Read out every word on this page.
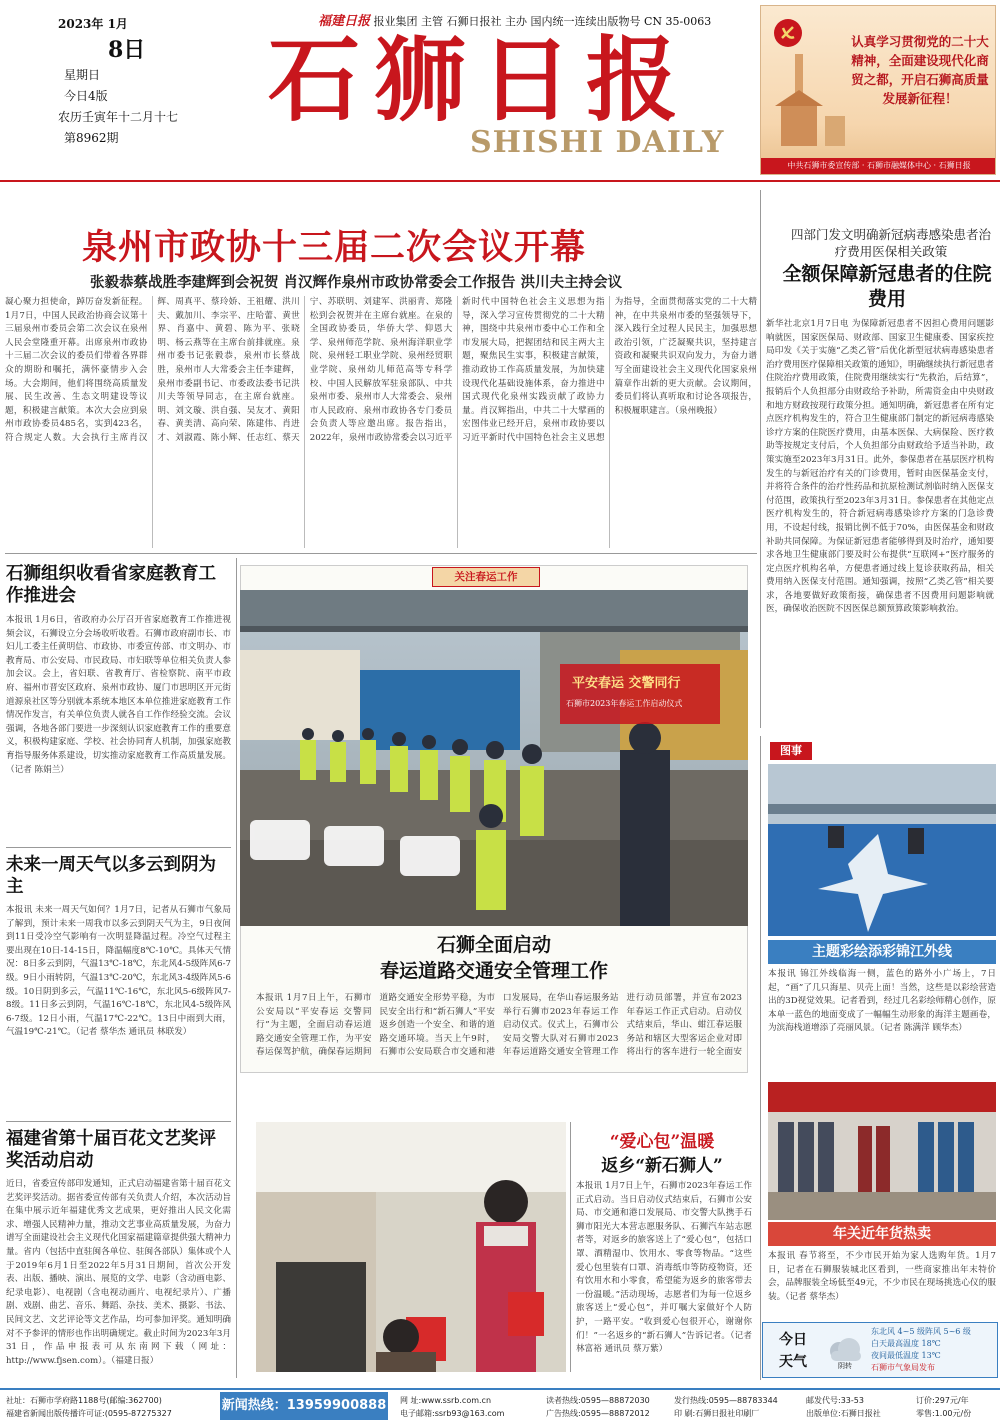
2023年 1月
8日
星期日
今日4版
农历壬寅年十二月十七
第8962期
福建日报 报业集团 主管 石狮日报社 主办 国内统一连续出版物号 CN 35-0063
石狮日报
SHISHI DAILY
认真学习贯彻党的二十大精神，全面建设现代化商贸之都，开启石狮高质量发展新征程！
中共石狮市委宣传部 · 石狮市融媒体中心 · 石狮日报
泉州市政协十三届二次会议开幕
张毅恭蔡战胜李建辉到会祝贺 肖汉辉作泉州市政协常委会工作报告 洪川夫主持会议
凝心聚力担使命，踔厉奋发新征程。1月7日，中国人民政治协商会议第十三届泉州市委员会第二次会议在泉州人民会堂隆重开幕。出席泉州市政协十三届二次会议的委员们带着各界群众的期盼和嘱托，满怀豪情步入会场。大会期间，他们将围绕高质量发展、民生改善、生态文明建设等议题，积极建言献策。本次大会应到泉州市政协委员485名，实到423名，符合规定人数。大会执行主席肖汉辉、周真平、蔡玲娇、王祖耀、洪川夫、戴加川、李宗平、庄哈蕾、黄世界、肖嘉中、黄碧、陈为平、张晓明、杨云燕等在主席台前排就座。泉州市委书记张毅恭，泉州市长蔡战胜，泉州市人大常委会主任李建辉，泉州市委副书记、市委政法委书记洪川夫等领导同志，在主席台就座。明、刘文璇、洪自强、吴友才、黄阳春、黄美清、高向荣、陈建伟、肖进才、刘淑霞、陈小辉、任志红、蔡天宁、苏联明、刘建军、洪丽青、郑隆松到会祝贺并在主席台就座。在泉的全国政协委员，华侨大学、仰恩大学、泉州师范学院、泉州海洋职业学院、泉州轻工职业学院、泉州经贸职业学院、泉州幼儿师范高等专科学校、中国人民解放军驻泉部队、中共泉州市委、泉州市人大常委会、泉州市人民政府、泉州市政协各专门委员会负责人等应邀出席。报告指出，2022年，泉州市政协常委会以习近平新时代中国特色社会主义思想为指导，深入学习宣传贯彻党的二十大精神，围绕中共泉州市委中心工作和全市发展大局，把握团结和民主两大主题，聚焦民生实事，积极建言献策，推动政协工作高质量发展，为加快建设现代化基础设施体系，奋力推进中国式现代化泉州实践贡献了政协力量。肖汉辉指出，中共二十大擘画的宏图伟业已经开启，泉州市政协要以习近平新时代中国特色社会主义思想为指导，全面贯彻落实党的二十大精神，在中共泉州市委的坚强领导下，深入践行全过程人民民主，加强思想政治引领，广泛凝聚共识，坚持建言资政和凝聚共识双向发力，为奋力谱写全面建设社会主义现代化国家泉州篇章作出新的更大贡献。会议期间，委员们将认真听取和讨论各项报告，积极履职建言。（泉州晚报）
四部门发文明确新冠病毒感染患者治疗费用医保相关政策
全额保障新冠患者的住院费用
新华社北京1月7日电 为保障新冠患者不因担心费用问题影响就医，国家医保局、财政部、国家卫生健康委、国家疾控局印发《关于实施“乙类乙管”后优化新型冠状病毒感染患者治疗费用医疗保障相关政策的通知》，明确继续执行新冠患者住院治疗费用政策，住院费用继续实行“先救治，后结算”，报销后个人负担部分由财政给予补助，所需资金由中央财政和地方财政按现行政策分担。通知明确，新冠患者在所有定点医疗机构发生的，符合卫生健康部门制定的新冠病毒感染诊疗方案的住院医疗费用，由基本医保、大病保险、医疗救助等按规定支付后，个人负担部分由财政给予适当补助，政策实施至2023年3月31日。此外，参保患者在基层医疗机构发生的与新冠治疗有关的门诊费用，暂时由医保基金支付，并将符合条件的治疗性药品和抗原检测试剂临时纳入医保支付范围，政策执行至2023年3月31日。参保患者在其他定点医疗机构发生的，符合新冠病毒感染诊疗方案的门急诊费用，不设起付线，报销比例不低于70%，由医保基金和财政补助共同保障。为保证新冠患者能够得到及时治疗，通知要求各地卫生健康部门要及时公布提供“互联网+”医疗服务的定点医疗机构名单，方便患者通过线上复诊获取药品，相关费用纳入医保支付范围。通知强调，按照“乙类乙管”相关要求，各地要做好政策衔接，确保患者不因费用问题影响就医，确保收治医院不因医保总额预算政策影响救治。
石狮组织收看省家庭教育工作推进会
本报讯 1月6日，省政府办公厅召开省家庭教育工作推进视频会议，石狮设立分会场收听收看。石狮市政府副市长、市妇儿工委主任黄明信、市政协、市委宣传部、市文明办、市教育局、市公安局、市民政局、市妇联等单位相关负责人参加会议。会上，省妇联、省教育厅、省检察院、南平市政府、福州市晋安区政府、泉州市政协、厦门市思明区开元街道源泉社区等分别就本系统本地区本单位推进家庭教育工作情况作发言，有关单位负责人就各自工作作经验交流。会议强调，各地各部门要进一步深刻认识家庭教育工作的重要意义，积极构建家庭、学校、社会协同育人机制，加强家庭教育指导服务体系建设，切实推动家庭教育工作高质量发展。（记者 陈娟兰）
未来一周天气以多云到阴为主
本报讯 未来一周天气如何？1月7日，记者从石狮市气象局了解到，预计未来一周我市以多云到阴天气为主，9日夜间到11日受冷空气影响有一次明显降温过程。冷空气过程主要出现在10日-14-15日，降温幅度8℃-10℃。具体天气情况：8日多云到阴，气温13℃-18℃，东北风4-5级阵风6-7级。9日小雨转阴，气温13℃-20℃，东北风3-4级阵风5-6级。10日阴到多云，气温11℃-16℃，东北风5-6级阵风7-8级。11日多云到阴，气温16℃-18℃，东北风4-5级阵风6-7级。12日小雨，气温17℃-22℃。13日中雨到大雨，气温19℃-21℃。（记者 蔡华杰 通讯员 林联发）
福建省第十届百花文艺奖评奖活动启动
近日，省委宣传部印发通知，正式启动福建省第十届百花文艺奖评奖活动。据省委宣传部有关负责人介绍，本次活动旨在集中展示近年福建优秀文艺成果，更好推出人民文化需求、增强人民精神力量，推动文艺事业高质量发展，为奋力谱写全面建设社会主义现代化国家福建篇章提供强大精神力量。省内（包括中直驻闽各单位、驻闽各部队）集体或个人于2019年6月1日至2022年5月31日期间，首次公开发表、出版、播映、演出、展览的文学、电影（含动画电影、纪录电影）、电视剧（含电视动画片、电视纪录片）、广播剧、戏剧、曲艺、音乐、舞蹈、杂技、美术、摄影、书法、民间文艺、文艺评论等文艺作品，均可参加评奖。通知明确对不予参评的情形也作出明确规定。截止时间为2023年3月31日，作品申报表可从东南网下载（网址：http://www.fjsen.com）。（福建日报）
关注春运工作
平安春运 交警同行
石狮市2023年春运工作启动仪式
石狮全面启动
春运道路交通安全管理工作
本报讯 1月7日上午，石狮市公安局以“平安春运 交警同行”为主题，全面启动春运道路交通安全管理工作，为平安春运保驾护航，确保春运期间道路交通安全形势平稳，为市民安全出行和“新石狮人”平安返乡创造一个安全、和谐的道路交通环境。当天上午9时，石狮市公安局联合市交通和港口发展局，在华山春运服务站举行石狮市2023年春运工作启动仪式。仪式上，石狮市公安局交警大队对石狮市2023年春运道路交通安全管理工作进行动员部署，并宣布2023年春运工作正式启动。启动仪式结束后，华山、蚶江春运服务站和辖区大型客运企业对即将出行的客车进行一轮全面安
“爱心包”温暖
返乡“新石狮人”
本报讯 1月7日上午，石狮市2023年春运工作正式启动。当日启动仪式结束后，石狮市公安局、市交通和港口发展局、市交警大队携手石狮市阳光大本营志愿服务队、石狮汽车站志愿者等，对返乡的旅客送上了“爱心包”，包括口罩、酒精湿巾、饮用水、零食等物品。“这些爱心包里装有口罩、消毒纸巾等防疫物资，还有饮用水和小零食，希望能为返乡的旅客带去一份温暖。”活动现场，志愿者们为每一位返乡旅客送上“爱心包”，并叮嘱大家做好个人防护，一路平安。“收到爱心包很开心，谢谢你们！”一名返乡的“新石狮人”告诉记者。（记者 林富裕 通讯员 蔡万紫）
图事
主题彩绘添彩锦江外线
本报讯 锦江外线临海一侧，蓝色的路外小广场上，7日起，“画”了几只海星、贝壳上面！当然，这些是以彩绘营造出的3D视觉效果。记者看到，经过几名彩绘师精心创作，原本单一蓝色的地面变成了一幅幅生动形象的海洋主题画卷，为滨海栈道增添了亮丽风景。（记者 陈满洋 顾华杰）
年关近年货热卖
本报讯 春节将至，不少市民开始为家人选购年货。1月7日，记者在石狮服装城北区看到，一些商家推出年末特价会，品牌服装全场低至49元，不少市民在现场挑选心仪的服装。（记者 蔡华杰）
今日
天气	阴转
东北风 4~5 级阵风 5~6 级
白天最高温度 18℃
夜间最低温度 13℃
石狮市气象局发布
社址：石狮市学府路1188号(邮编:362700)
福建省新闻出版传播许可证:(0595-87275327
新闻热线：13959900888 网 址:www.ssrb.com.cn
电子邮箱:ssrb93@163.com
读者热线:0595—88872030
广告热线:0595—88872012
发行热线:0595—88783344
印 刷:石狮日报社印刷厂
邮发代号:33-53
出版单位:石狮日报社
订价:297元/年
零售:1.00元/份
